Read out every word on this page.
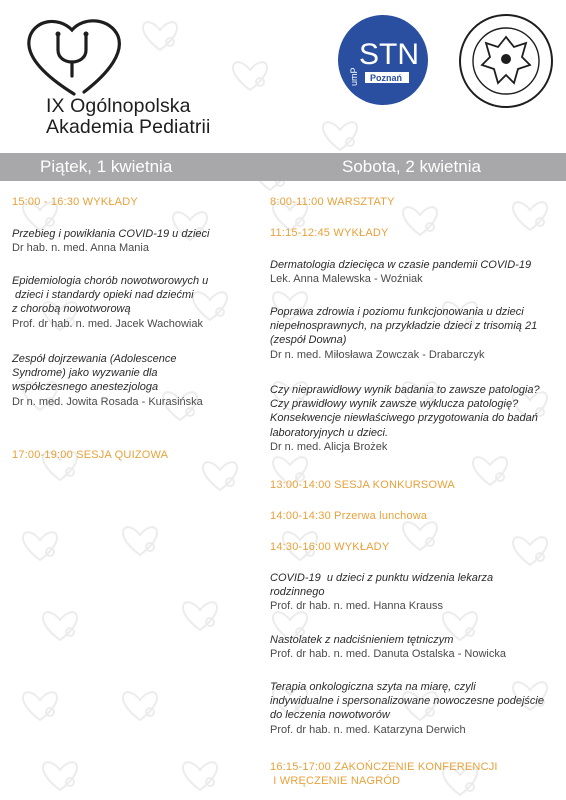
IX Ogólnopolska
Akademia Pediatrii
STN
umP Poznań
Piątek, 1 kwietnia	Sobota, 2 kwietnia
15:00 - 16:30 WYKŁADY
Przebieg i powikłania COVID-19 u dzieci
Dr hab. n. med. Anna Mania
Epidemiologia chorób nowotworowych u
dzieci i standardy opieki nad dziećmi
z chorobą nowotworową
Prof. dr hab. n. med. Jacek Wachowiak
Zespół dojrzewania (Adolescence
Syndrome) jako wyzwanie dla
współczesnego anestezjologa
Dr n. med. Jowita Rosada - Kurasińska
17:00-19:00 SESJA QUIZOWA
8:00-11:00 WARSZTATY
11:15-12:45 WYKŁADY
Dermatologia dziecięca w czasie pandemii COVID-19
Lek. Anna Malewska - Woźniak
Poprawa zdrowia i poziomu funkcjonowania u dzieci
niepełnosprawnych, na przykładzie dzieci z trisomią 21
(zespół Downa)
Dr n. med. Miłosława Zowczak - Drabarczyk
Czy nieprawidłowy wynik badania to zawsze patologia?
Czy prawidłowy wynik zawsze wyklucza patologię?
Konsekwencje niewłaściwego przygotowania do badań
laboratoryjnych u dzieci.
Dr n. med. Alicja Brożek
13:00-14:00 SESJA KONKURSOWA
14:00-14:30 Przerwa lunchowa
14:30-16:00 WYKŁADY
COVID-19  u dzieci z punktu widzenia lekarza
rodzinnego
Prof. dr hab. n. med. Hanna Krauss
Nastolatek z nadciśnieniem tętniczym
Prof. dr hab. n. med. Danuta Ostalska - Nowicka
Terapia onkologiczna szyta na miarę, czyli
indywidualne i spersonalizowane nowoczesne podejście
do leczenia nowotworów
Prof. dr hab. n. med. Katarzyna Derwich
16:15-17:00 ZAKOŃCZENIE KONFERENCJI
I WRĘCZENIE NAGRÓD
